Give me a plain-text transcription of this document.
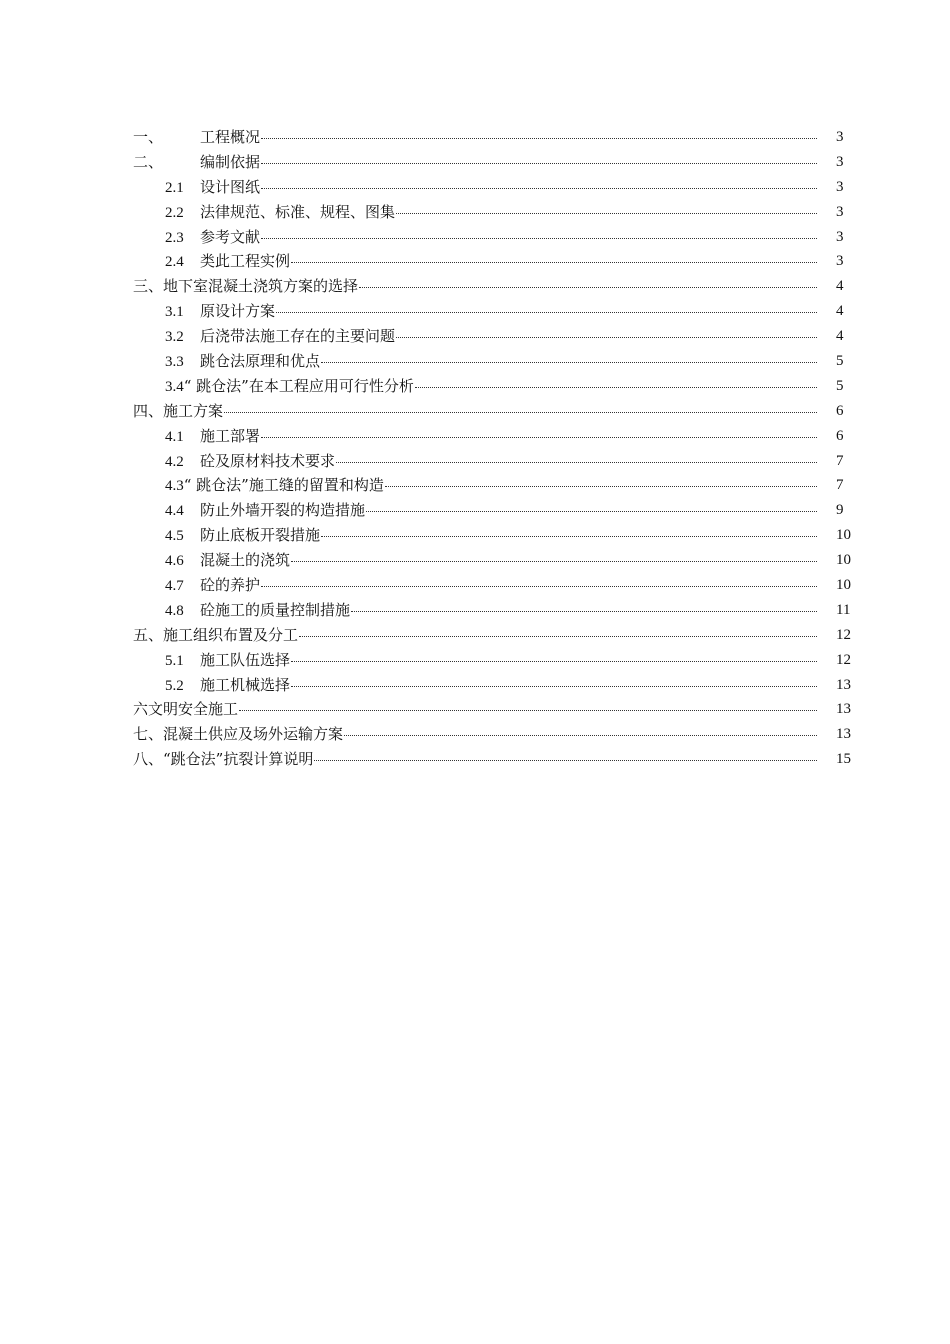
一、	工程概况	3
二、	编制依据	3
2.1	设计图纸	3
2.2	法律规范、标准、规程、图集	3
2.3	参考文献	3
2.4	类此工程实例	3
三、 地下室混凝土浇筑方案的选择	4
3.1	原设计方案	4
3.2	后浇带法施工存在的主要问题	4
3.3	跳仓法原理和优点	5
3.4 “ 跳仓法”在本工程应用可行性分析	5
四、 施工方案	6
4.1	施工部署	6
4.2	砼及原材料技术要求	7
4.3 “ 跳仓法”施工缝的留置和构造	7
4.4	防止外墙开裂的构造措施	9
4.5	防止底板开裂措施	10
4.6	混凝土的浇筑	10
4.7	砼的养护	10
4.8	砼施工的质量控制措施	11
五、 施工组织布置及分工	12
5.1	施工队伍选择	12
5.2	施工机械选择	13
六文明安全施工	13
七、 混凝土供应及场外运输方案	13
八、 “跳仓法”抗裂计算说明	15
